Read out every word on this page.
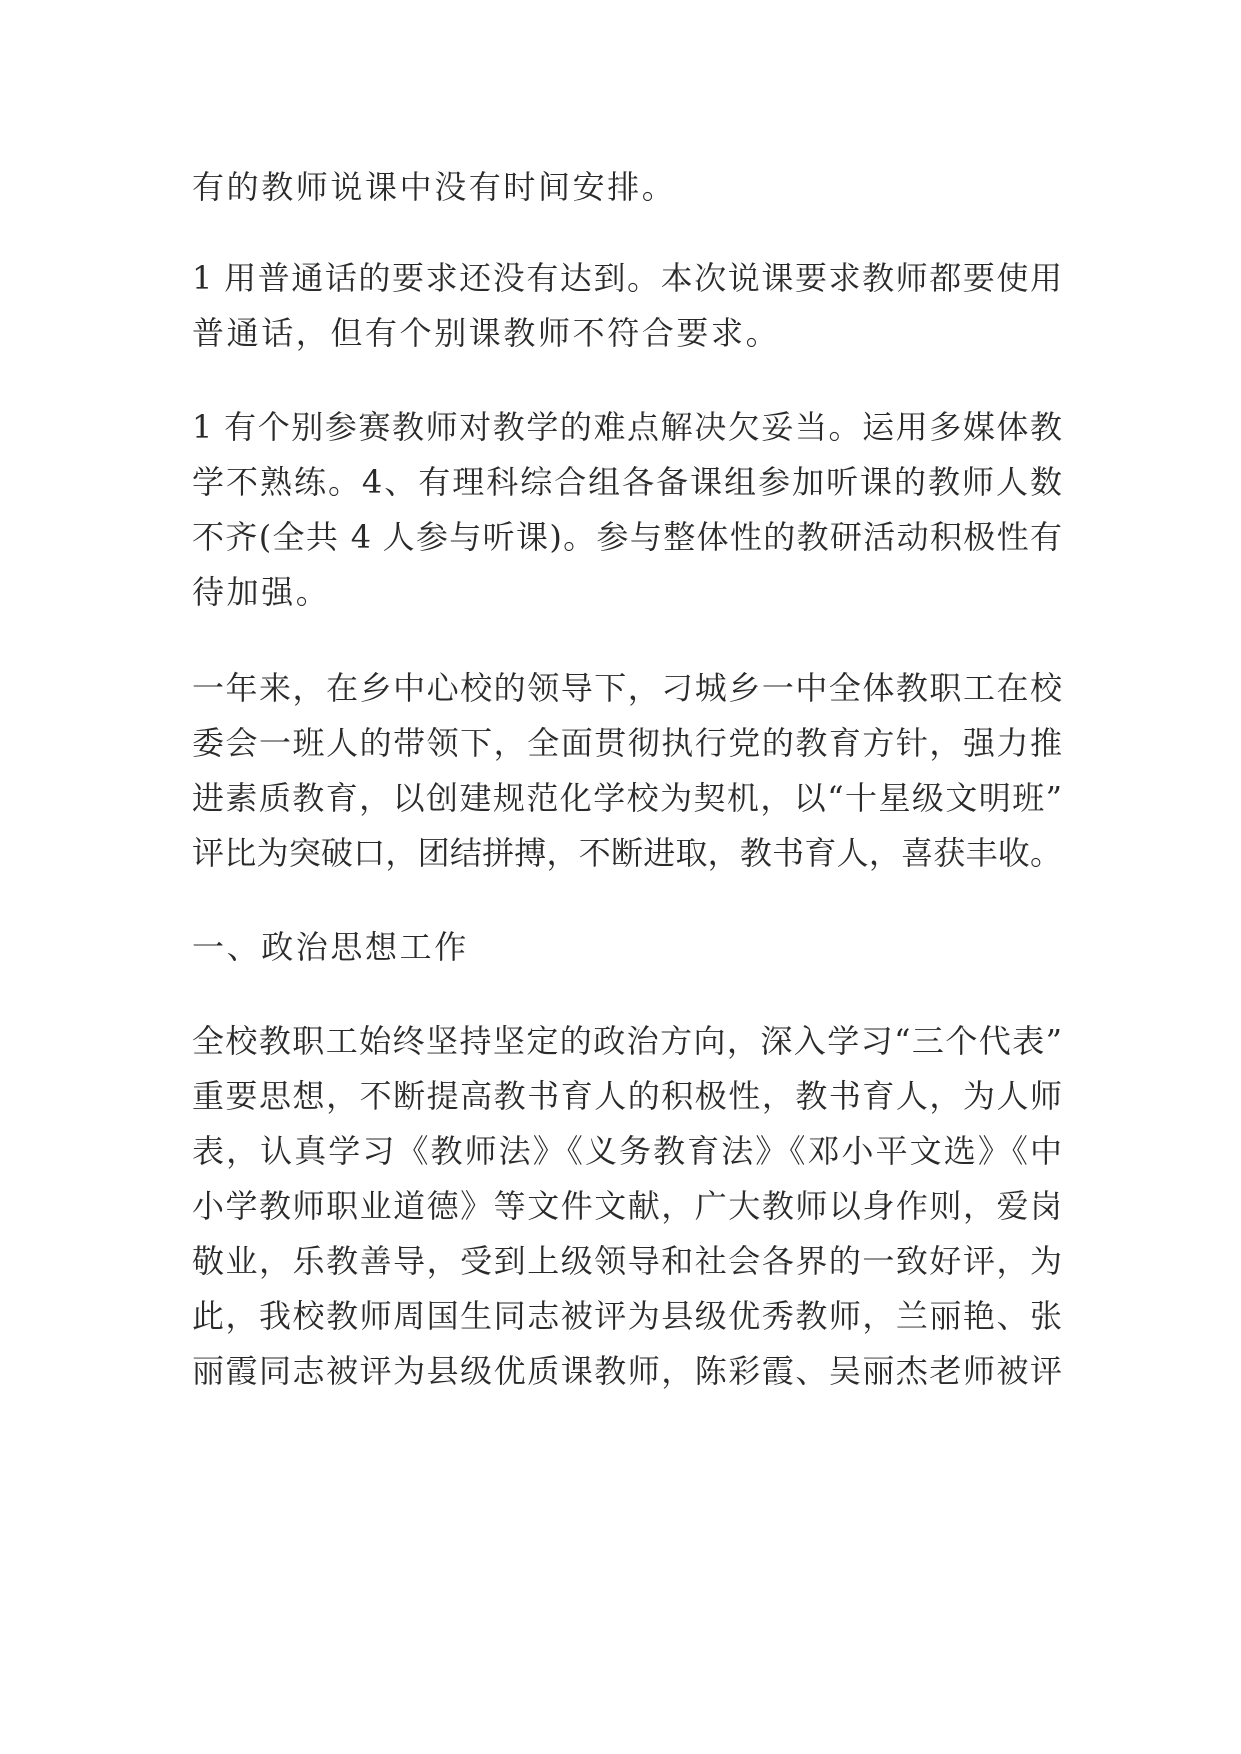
有的教师说课中没有时间安排。
1 用普通话的要求还没有达到。本次说课要求教师都要使用
普通话，但有个别课教师不符合要求。
1 有个别参赛教师对教学的难点解决欠妥当。运用多媒体教
学不熟练。4、有理科综合组各备课组参加听课的教师人数
不齐(全共 4 人参与听课)。参与整体性的教研活动积极性有
待加强。
一年来，在乡中心校的领导下，刁城乡一中全体教职工在校
委会一班人的带领下，全面贯彻执行党的教育方针，强力推
进素质教育，以创建规范化学校为契机，以“十星级文明班”
评比为突破口，团结拼搏，不断进取，教书育人，喜获丰收。
一、政治思想工作
全校教职工始终坚持坚定的政治方向，深入学习“三个代表”
重要思想，不断提高教书育人的积极性，教书育人，为人师
表，认真学习《教师法》《义务教育法》《邓小平文选》《中
小学教师职业道德》等文件文献，广大教师以身作则，爱岗
敬业，乐教善导，受到上级领导和社会各界的一致好评，为
此，我校教师周国生同志被评为县级优秀教师，兰丽艳、张
丽霞同志被评为县级优质课教师，陈彩霞、吴丽杰老师被评
